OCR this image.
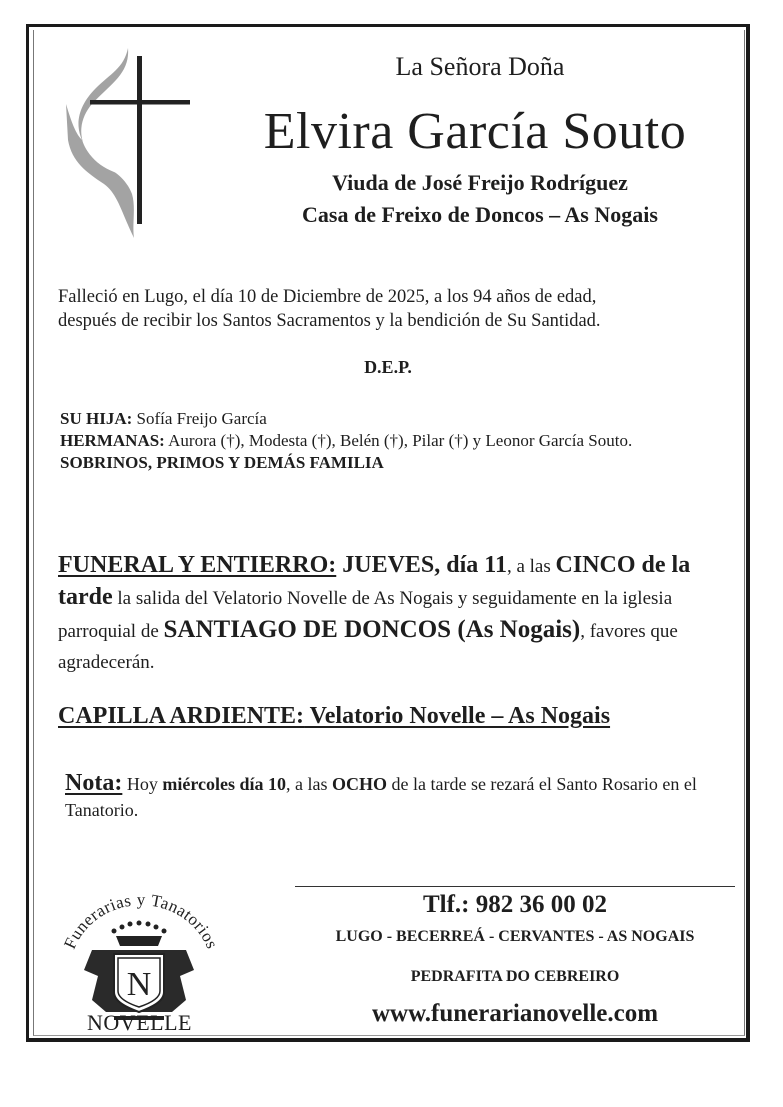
La Señora Doña
Elvira García Souto
Viuda de José Freijo Rodríguez
Casa de Freixo de Doncos – As Nogais
Falleció en Lugo, el día 10 de Diciembre de 2025, a los 94 años de edad,
después de recibir los Santos Sacramentos y la bendición de Su Santidad.
D.E.P.
SU HIJA: Sofía Freijo García
HERMANAS: Aurora (†), Modesta (†), Belén (†), Pilar (†) y Leonor García Souto.
SOBRINOS, PRIMOS Y DEMÁS FAMILIA
FUNERAL Y ENTIERRO: JUEVES, día 11, a las CINCO de la tarde la salida del Velatorio Novelle de As Nogais y seguidamente en la iglesia parroquial de SANTIAGO DE DONCOS (As Nogais), favores que agradecerán.
CAPILLA ARDIENTE: Velatorio Novelle – As Nogais
Nota: Hoy miércoles día 10, a las OCHO de la tarde se rezará el Santo Rosario en el Tanatorio.
Funerarias y Tanatorios
N
NOVELLE
Tlf.: 982 36 00 02
LUGO - BECERREÁ - CERVANTES - AS NOGAIS
PEDRAFITA DO CEBREIRO
www.funerarianovelle.com
